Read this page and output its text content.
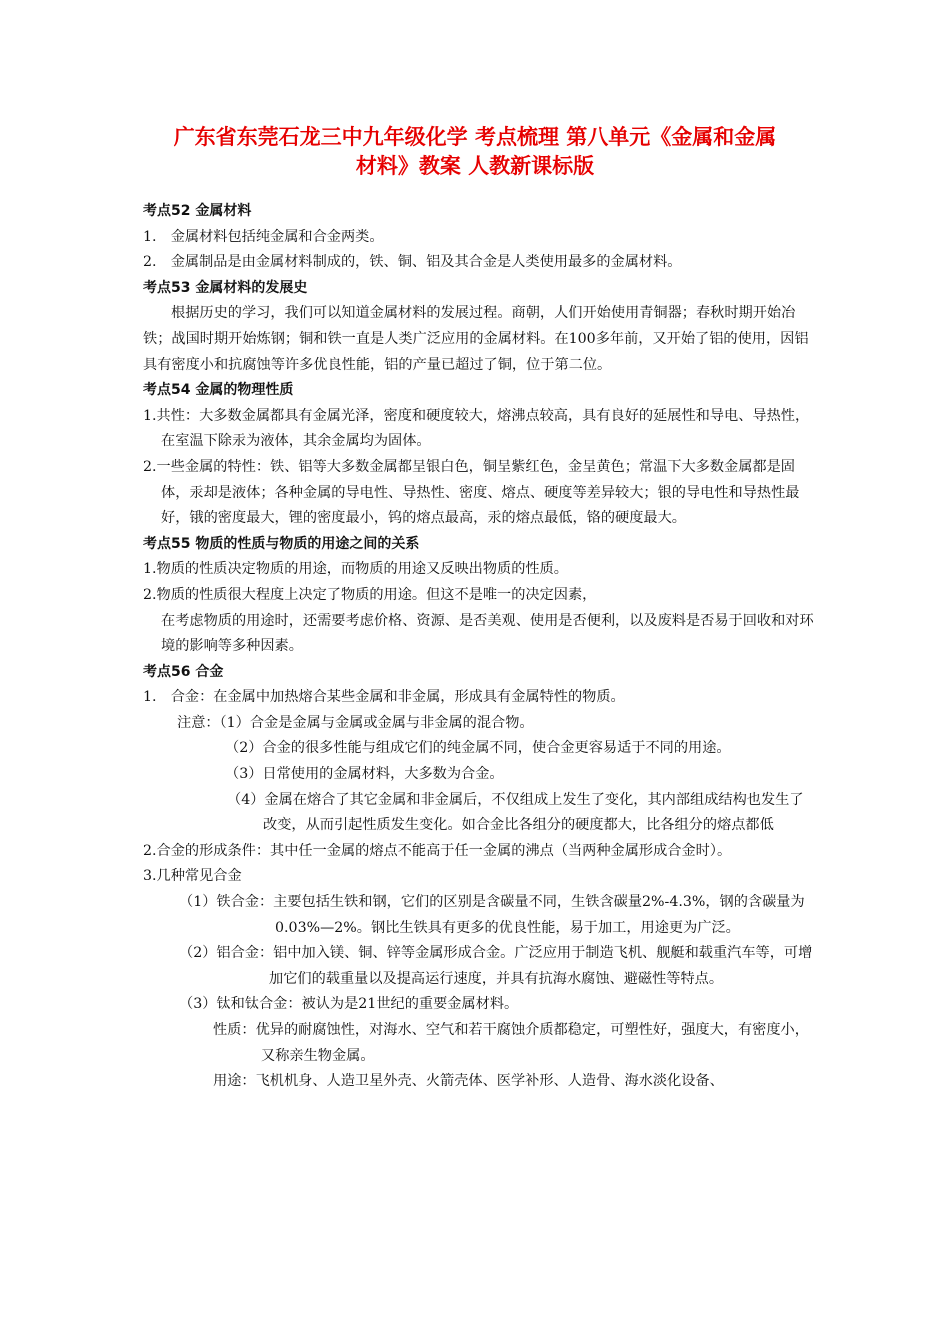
广东省东莞石龙三中九年级化学 考点梳理 第八单元《金属和金属
材料》教案 人教新课标版

考点52 金属材料

1.　金属材料包括纯金属和合金两类。

2.　金属制品是由金属材料制成的，铁、铜、铝及其合金是人类使用最多的金属材料。

考点53 金属材料的发展史

根据历史的学习，我们可以知道金属材料的发展过程。商朝，人们开始使用青铜器；春秋时期开始冶铁；战国时期开始炼钢；铜和铁一直是人类广泛应用的金属材料。在100多年前，又开始了铝的使用，因铝具有密度小和抗腐蚀等许多优良性能，铝的产量已超过了铜，位于第二位。

考点54 金属的物理性质

1.共性：大多数金属都具有金属光泽，密度和硬度较大，熔沸点较高，具有良好的延展性和导电、导热性，在室温下除汞为液体，其余金属均为固体。

2.一些金属的特性：铁、铝等大多数金属都呈银白色，铜呈紫红色，金呈黄色；常温下大多数金属都是固体，汞却是液体；各种金属的导电性、导热性、密度、熔点、硬度等差异较大；银的导电性和导热性最好，锇的密度最大，锂的密度最小，钨的熔点最高，汞的熔点最低，铬的硬度最大。

考点55 物质的性质与物质的用途之间的关系

1.物质的性质决定物质的用途，而物质的用途又反映出物质的性质。

2.物质的性质很大程度上决定了物质的用途。但这不是唯一的决定因素，

在考虑物质的用途时，还需要考虑价格、资源、是否美观、使用是否便利，以及废料是否易于回收和对环境的影响等多种因素。

考点56 合金

1.　合金：在金属中加热熔合某些金属和非金属，形成具有金属特性的物质。

注意：（1）合金是金属与金属或金属与非金属的混合物。

（2）合金的很多性能与组成它们的纯金属不同，使合金更容易适于不同的用途。

（3）日常使用的金属材料，大多数为合金。

（4）金属在熔合了其它金属和非金属后，不仅组成上发生了变化，其内部组成结构也发生了改变，从而引起性质发生变化。如合金比各组分的硬度都大，比各组分的熔点都低

2.合金的形成条件：其中任一金属的熔点不能高于任一金属的沸点（当两种金属形成合金时）。

3.几种常见合金

（1）铁合金：主要包括生铁和钢，它们的区别是含碳量不同，生铁含碳量2%-4.3%，钢的含碳量为0.03%—2%。钢比生铁具有更多的优良性能，易于加工，用途更为广泛。

（2）铝合金：铝中加入镁、铜、锌等金属形成合金。广泛应用于制造飞机、舰艇和载重汽车等，可增加它们的载重量以及提高运行速度，并具有抗海水腐蚀、避磁性等特点。

（3）钛和钛合金：被认为是21世纪的重要金属材料。

性质：优异的耐腐蚀性，对海水、空气和若干腐蚀介质都稳定，可塑性好，强度大，有密度小，又称亲生物金属。

用途：飞机机身、人造卫星外壳、火箭壳体、医学补形、人造骨、海水淡化设备、
